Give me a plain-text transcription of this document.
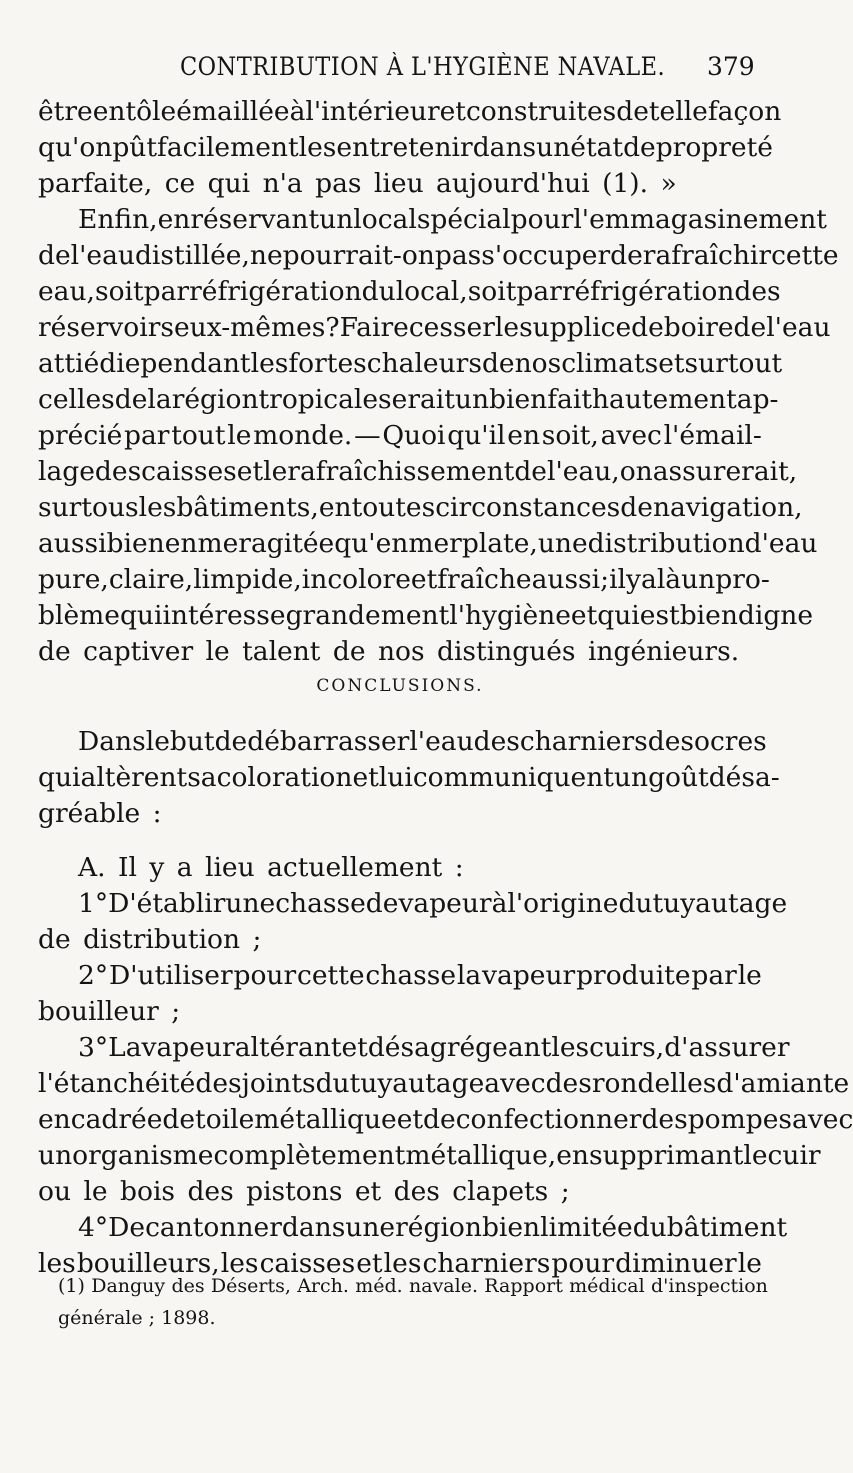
CONTRIBUTION À L'HYGIÈNE NAVALE. 379
être en tôle émaillée à l'intérieur et construites de telle façon
qu'on pût facilement les entretenir dans un état de propreté
parfaite, ce qui n'a pas lieu aujourd'hui (1). »
Enfin, en réservant un local spécial pour l'emmagasinement
de l'eau distillée, ne pourrait-on pas s'occuper de rafraîchir cette
eau, soit par réfrigération du local, soit par réfrigération des
réservoirs eux-mêmes? Faire cesser le supplice de boire de l'eau
attiédie pendant les fortes chaleurs de nos climats et surtout
celles de la région tropicale serait un bienfait hautement ap-
précié par tout le monde. — Quoi qu'il en soit, avec l'émail-
lage des caisses et le rafraîchissement de l'eau, on assurerait,
sur tous les bâtiments, en toutes circonstances de navigation,
aussi bien en mer agitée qu'en mer plate, une distribution d'eau
pure, claire, limpide, incolore et fraîche aussi; il y a là un pro-
blème qui intéresse grandement l'hygiène et qui est bien digne
de captiver le talent de nos distingués ingénieurs.
CONCLUSIONS.
Dans le but de débarrasser l'eau des charniers des ocres
qui altèrent sa coloration et lui communiquent un goût désa-
gréable :
A. Il y a lieu actuellement :
1° D'établir une chasse de vapeur à l'origine du tuyautage
de distribution ;
2° D'utiliser pour cette chasse la vapeur produite par le
bouilleur ;
3° La vapeur altérant et désagrégeant les cuirs, d'assurer
l'étanchéité des joints du tuyautage avec des rondelles d'amiante
encadrée de toile métallique et de confectionner des pompes avec
un organisme complètement métallique, en supprimant le cuir
ou le bois des pistons et des clapets ;
4° De cantonner dans une région bien limitée du bâtiment
les bouilleurs, les caisses et les charniers pour diminuer le
(1) Danguy des Déserts, Arch. méd. navale. Rapport médical d'inspection
générale ; 1898.
